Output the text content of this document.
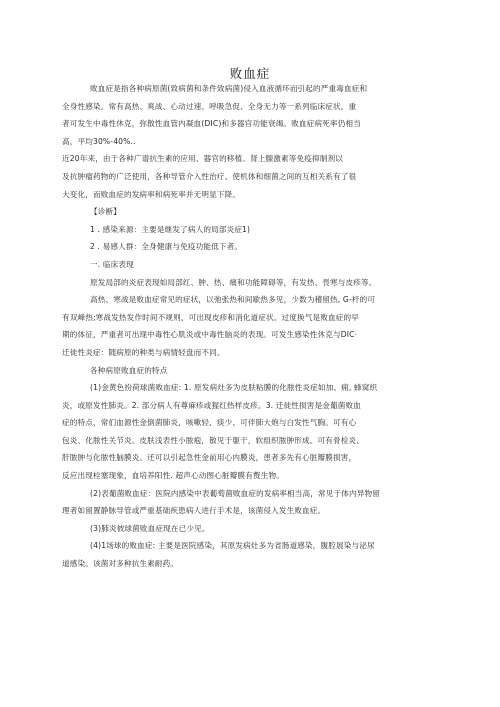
败血症

败血症是指各种病原菌(致病菌和条件致病菌)侵入血液循环而引起的严重毒血症和
全身性感染。常有高热、爽战、心动过速、呼吸急促、全身无力等一系列临床症状，重
者可发生中毒性休克，弥散性血管内凝血(DIC)和多器官功能衰竭。败血症病死率仍相当
高，平均30%-40%..

近20年来，由于各种广谱抗生素的应用、器官的移植、肾上腺激素等免疫抑制剂以
及抗肿瘤药物的广泛使用，各种导管介入性治疗、使机体和细菌之间的互相关系有了很
大变化，而败血症的发病率和病死率并无明显下降。

【诊断】
1 . 感染来源：主要是继发了病人的局部炎症1)
2 . 易感人群：全身健康与免疫功能低下者。
一. 临床表现

原发局部的炎症表现如局部红、肿、热、痛和功能障碍等，有发热、畏寒与皮疹等。
高热、寒战是败血症常见的症状，以弛张热和间歇热多见，少数为稽留热, G-杆的可
有双峰热;寒战发热发作时间不规则，可出现皮疹和消化道症状。过度换气是败血症的早
期的体征，严重者可出现中毒性心肌炎或中毒性脑炎的表现。可发生感染性休克与DIC·
迁徙性炎症：随病原的种类与病情轻盘而不同。

各种病原败血症的特点
(1)金黄色扮荷球菌败血症: 1. 原发病灶多为皮肤粘膜的化脓性炎症如加、痈, 蜂窝织
炎，或原发性肺炎。2. 部分病人有尊麻疹或猩红热样皮疹。3. 迁徙性损害是金葡菌败血
症的特点，常们血源性金倒菌肺炎，咳嗽轻、痰少、可伴肺大炮与白发性气胸。可有心
包炎、化脓性关节炎。皮肤浅表性小脓疱，散见于躯干，软组织脓肿形成。可有骨检炎、
肝脓肿与化脓性脑膜炎。还可以引起急性金前用心内膜炎，患者多先有心脏瓣膜损害，
反应出现栓塞现象，血培养阳性. 超声心动图心脏瓣膜有赘生物。
(2)表葡菌败血症：医院内感染中表葡萄菌败血症的发病率相当高，常见于体内异物留
理者如留置静脉导管或严重基础疾患病人进行手术是，该菌侵入发生败血症。
(3)肺炎彼球菌败血症现在已少见。
(4)1场球的败血症: 主要是医院感染，其原发病灶多为省肠道感染，腹腔展染与泌尿
道感染。该菌对多种抗生素耐药。
